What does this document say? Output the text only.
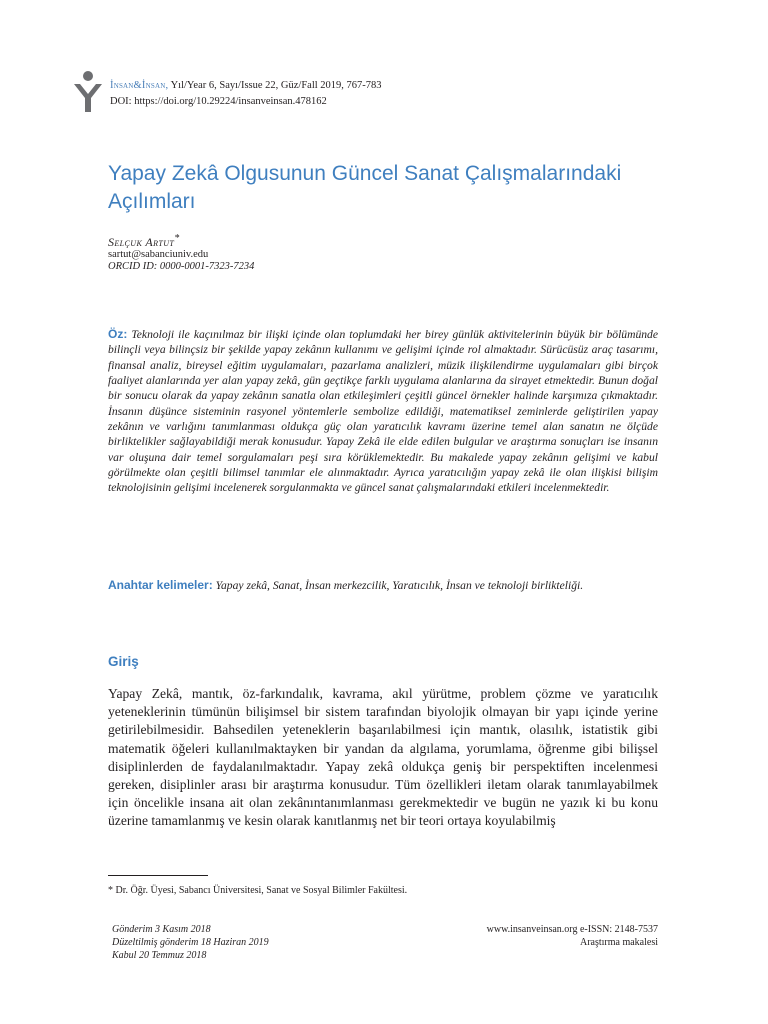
İnsan&İnsan, Yıl/Year 6, Sayı/Issue 22, Güz/Fall 2019, 767-783
DOI: https://doi.org/10.29224/insanveinsan.478162
Yapay Zekâ Olgusunun Güncel Sanat Çalışmalarındaki Açılımları
Selçuk Artut*
sartut@sabanciuniv.edu
ORCID ID: 0000-0001-7323-7234

Öz: Teknoloji ile kaçınılmaz bir ilişki içinde olan toplumdaki her birey günlük aktivitelerinin büyük bir bölümünde bilinçli veya bilinçsiz bir şekilde yapay zekânın kullanımı ve gelişimi içinde rol almaktadır. Sürücüsüz araç tasarımı, finansal analiz, bireysel eğitim uygulamaları, pazarlama analizleri, müzik ilişkilendirme uygulamaları gibi birçok faaliyet alanlarında yer alan yapay zekâ, gün geçtikçe farklı uygulama alanlarına da sirayet etmektedir. Bunun doğal bir sonucu olarak da yapay zekânın sanatla olan etkileşimleri çeşitli güncel örnekler halinde karşımıza çıkmaktadır. İnsanın düşünce sisteminin rasyonel yöntemlerle sembolize edildiği, matematiksel zeminlerde geliştirilen yapay zekânın ve varlığını tanımlanması oldukça güç olan yaratıcılık kavramı üzerine temel alan sanatın ne ölçüde birliktelikler sağlayabildiği merak konusudur. Yapay Zekâ ile elde edilen bulgular ve araştırma sonuçları ise insanın var oluşuna dair temel sorgulamaları peşi sıra körüklemektedir. Bu makalede yapay zekânın gelişimi ve kabul görülmekte olan çeşitli bilimsel tanımlar ele alınmaktadır. Ayrıca yaratıcılığın yapay zekâ ile olan ilişkisi bilişim teknolojisinin gelişimi incelenerek sorgulanmakta ve güncel sanat çalışmalarındaki etkileri incelenmektedir.

Anahtar kelimeler: Yapay zekâ, Sanat, İnsan merkezcilik, Yaratıcılık, İnsan ve teknoloji birlikteliği.

Giriş

Yapay Zekâ, mantık, öz-farkındalık, kavrama, akıl yürütme, problem çözme ve yaratıcılık yeteneklerinin tümünün bilişimsel bir sistem tarafından biyolojik olmayan bir yapı içinde yerine getirilebilmesidir. Bahsedilen yeteneklerin başarılabilmesi için mantık, olasılık, istatistik gibi matematik öğeleri kullanılmaktayken bir yandan da algılama, yorumlama, öğrenme gibi bilişsel disiplinlerden de faydalanılmaktadır. Yapay zekâ oldukça geniş bir perspektiften incelenmesi gereken, disiplinler arası bir araştırma konusudur. Tüm özellikleri iletam olarak tanımlayabilmek için öncelikle insana ait olan zekânıntanımlanması gerekmektedir ve bugün ne yazık ki bu konu üzerine tamamlanmış ve kesin olarak kanıtlanmış net bir teori ortaya koyulabilmiş

* Dr. Öğr. Üyesi, Sabancı Üniversitesi, Sanat ve Sosyal Bilimler Fakültesi.
Gönderim 3 Kasım 2018
Düzeltilmiş gönderim 18 Haziran 2019
Kabul 20 Temmuz 2018
www.insanveinsan.org e-ISSN: 2148-7537
Araştırma makalesi
